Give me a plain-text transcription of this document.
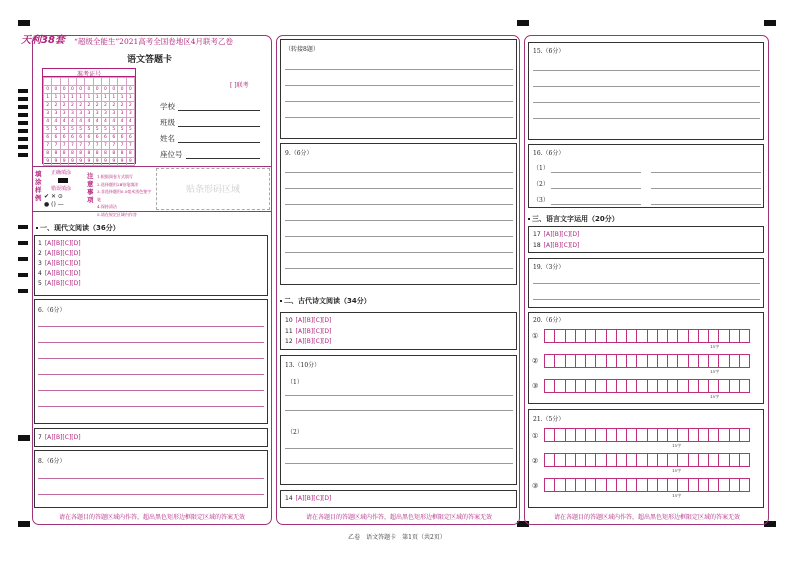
天利38套 “超级全能生”2021高考全国卷地区4月联考乙卷
语文答题卡
准考证号

0	0	0	0	0	0	0	0	0	0	0
1	1	1	1	1	1	1	1	1	1	1
2	2	2	2	2	2	2	2	2	2	2
3	3	3	3	3	3	3	3	3	3	3
4	4	4	4	4	4	4	4	4	4	4
5	5	5	5	5	5	5	5	5	5	5
6	6	6	6	6	6	6	6	6	6	6
7	7	7	7	7	7	7	7	7	7	7
8	8	8	8	8	8	8	8	8	8	8
9	9	9	9	9	9	9	9	9	9	9
[ ]联考
学校
班级
姓名
座位号
填涂样例
正确填涂
错误填涂
✔ ✕ ⊙
● () —
注意事项
1.根据阅卷方式填写
2.选择题用2B铅笔填涂
3.非选择题用0.5毫米黑色签字笔
4.保持清洁
5.请在规定区域内作答
贴条形码区域
一、现代文阅读（36分）
1 [A][B][C][D]
2 [A][B][C][D]
3 [A][B][C][D]
4 [A][B][C][D]
5 [A][B][C][D]
6.（6分）
7 [A][B][C][D]
8.（6分）
请在各题目的答题区域内作答，超出黑色矩形边框限定区域的答案无效
（转接8题）
9.（6分）
二、古代诗文阅读（34分）
10 [A][B][C][D]
11 [A][B][C][D]
12 [A][B][C][D]
13.（10分）
（1）
（2）
14 [A][B][C][D]
请在各题目的答题区域内作答，超出黑色矩形边框限定区域的答案无效
15.（6分）
16.（6分）
（1）
（2）
（3）
三、语言文字运用（20分）
17 [A][B][C][D]
18 [A][B][C][D]
19.（3分）
20.（6分）
①
②
③
15字
15字
15字
21.（5分）
①
②
③
15字
15字
15字
请在各题目的答题区域内作答，超出黑色矩形边框限定区域的答案无效
乙卷　语文答题卡　第1页（共2页）
